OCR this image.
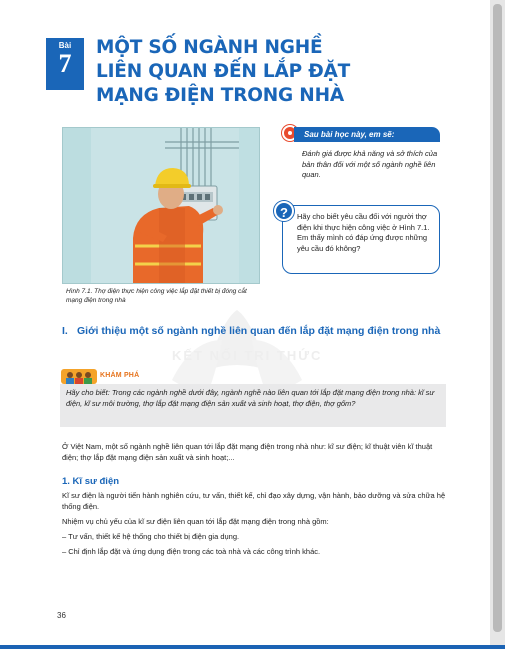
Bài
7
MỘT SỐ NGÀNH NGHỀ
LIÊN QUAN ĐẾN LẮP ĐẶT
MẠNG ĐIỆN TRONG NHÀ
Hình 7.1. Thợ điện thực hiện công việc lắp đặt thiết bị đóng cắt mạng điện trong nhà
Sau bài học này, em sẽ:
Đánh giá được khả năng và sở thích của bản thân đối với một số ngành nghề liên quan.
Hãy cho biết yêu cầu đối với người thợ điện khi thực hiện công việc ở Hình 7.1. Em thấy mình có đáp ứng được những yêu cầu đó không?
?
KẾT NỐI TRI THỨC
I. Giới thiệu một số ngành nghề liên quan đến lắp đặt mạng điện trong nhà
KHÁM PHÁ
Hãy cho biết: Trong các ngành nghề dưới đây, ngành nghề nào liên quan tới lắp đặt mạng điện trong nhà: kĩ sư điện, kĩ sư môi trường, thợ lắp đặt mạng điện sản xuất và sinh hoạt, thợ điện, thợ gốm?
Ở Việt Nam, một số ngành nghề liên quan tới lắp đặt mạng điện trong nhà như: kĩ sư điện; kĩ thuật viên kĩ thuật điện; thợ lắp đặt mạng điện sản xuất và sinh hoạt;...
1. Kĩ sư điện
Kĩ sư điện là người tiến hành nghiên cứu, tư vấn, thiết kế, chỉ đạo xây dựng, vận hành, bảo dưỡng và sửa chữa hệ thống điện.
Nhiệm vụ chủ yếu của kĩ sư điện liên quan tới lắp đặt mạng điện trong nhà gồm:
– Tư vấn, thiết kế hệ thống cho thiết bị điện gia dụng.
– Chỉ định lắp đặt và ứng dụng điện trong các toà nhà và các công trình khác.
36
